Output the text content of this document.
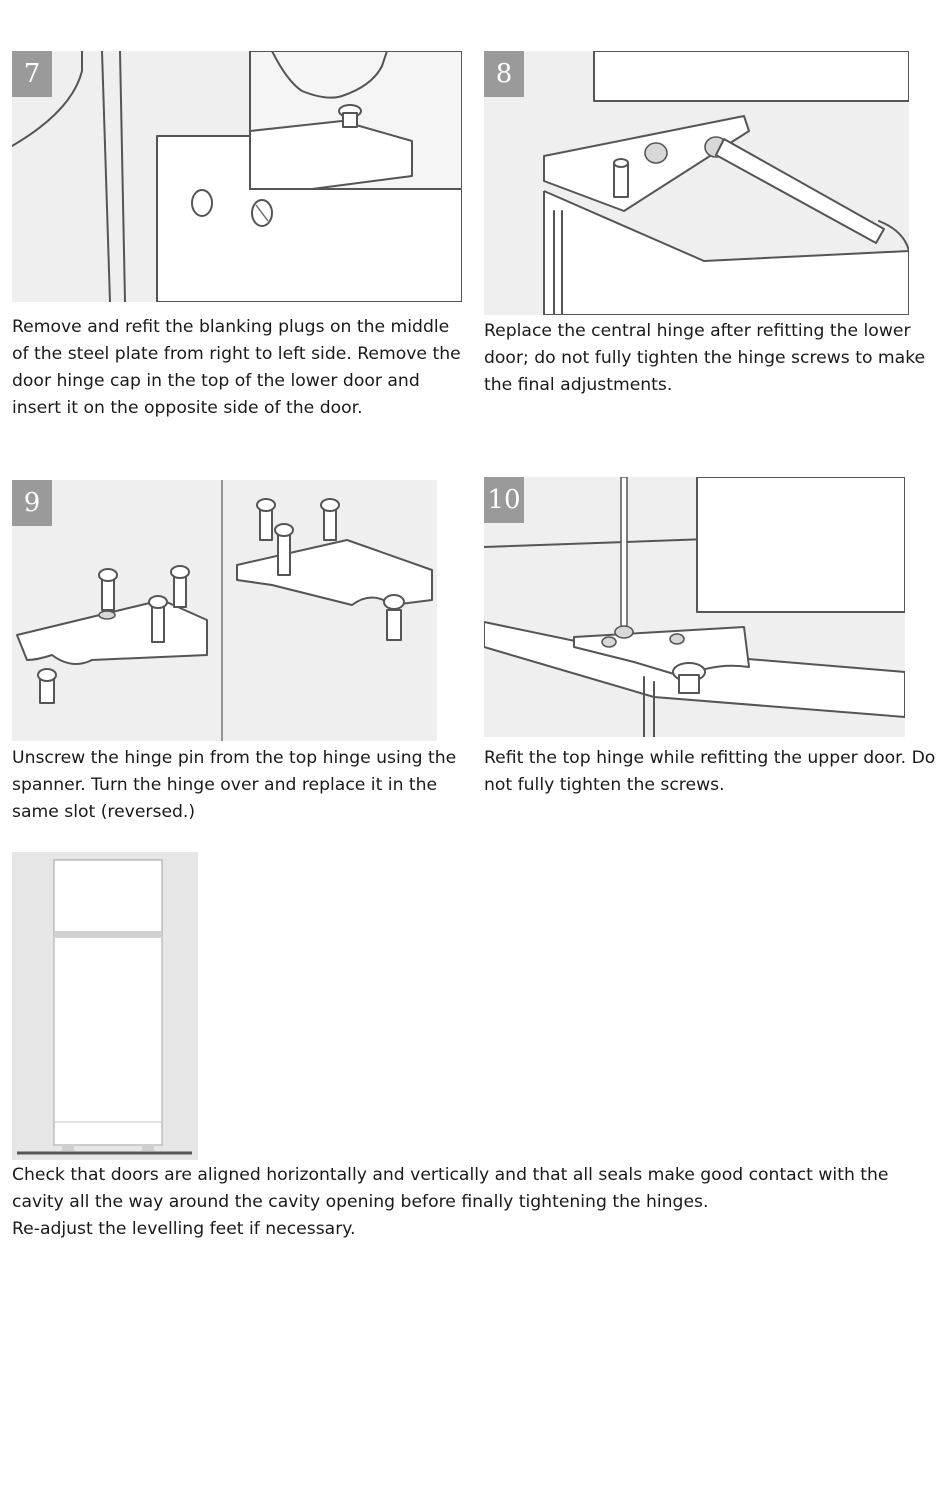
7

Remove and refit the blanking plugs on the middle of the steel plate from right to left side. Remove the door hinge cap in the top of the lower door and insert it on the opposite side of the door.

8

Replace the central hinge after refitting the lower door; do not fully tighten the hinge screws to make the final adjustments.

9

Unscrew the hinge pin from the top hinge using the spanner. Turn the hinge over and replace it in the same slot (reversed.)

10

Refit the top hinge while refitting the upper door. Do not fully tighten the screws.

Check that doors are aligned horizontally and vertically and that all seals make good contact with the
cavity all the way around the cavity opening before finally tightening the hinges.
Re-adjust the levelling feet if necessary.
